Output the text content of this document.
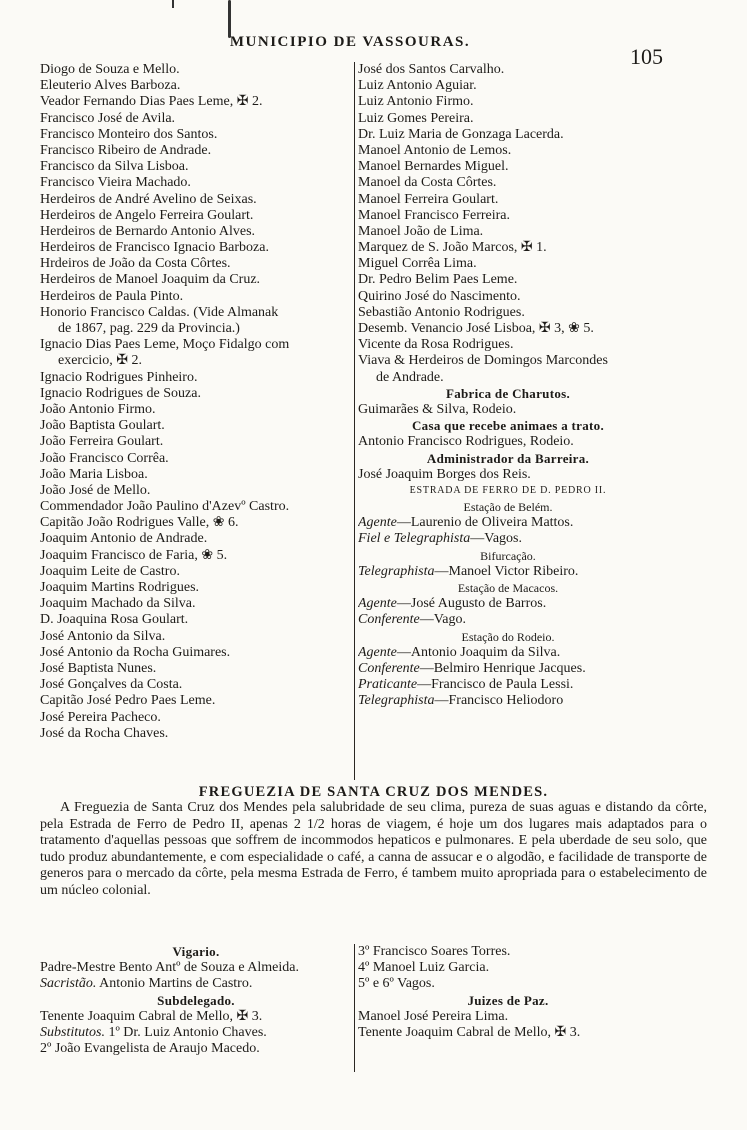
MUNICIPIO DE VASSOURAS.
105
Diogo de Souza e Mello.
Eleuterio Alves Barboza.
Veador Fernando Dias Paes Leme, ✠ 2.
Francisco José de Avila.
Francisco Monteiro dos Santos.
Francisco Ribeiro de Andrade.
Francisco da Silva Lisboa.
Francisco Vieira Machado.
Herdeiros de André Avelino de Seixas.
Herdeiros de Angelo Ferreira Goulart.
Herdeiros de Bernardo Antonio Alves.
Herdeiros de Francisco Ignacio Barboza.
Hrdeiros de João da Costa Côrtes.
Herdeiros de Manoel Joaquim da Cruz.
Herdeiros de Paula Pinto.
Honorio Francisco Caldas. (Vide Almanak
de 1867, pag. 229 da Provincia.)
Ignacio Dias Paes Leme, Moço Fidalgo com
exercicio, ✠ 2.
Ignacio Rodrigues Pinheiro.
Ignacio Rodrigues de Souza.
João Antonio Firmo.
João Baptista Goulart.
João Ferreira Goulart.
João Francisco Corrêa.
João Maria Lisboa.
João José de Mello.
Commendador João Paulino d'Azevº Castro.
Capitão João Rodrigues Valle, ❀ 6.
Joaquim Antonio de Andrade.
Joaquim Francisco de Faria, ❀ 5.
Joaquim Leite de Castro.
Joaquim Martins Rodrigues.
Joaquim Machado da Silva.
D. Joaquina Rosa Goulart.
José Antonio da Silva.
José Antonio da Rocha Guimares.
José Baptista Nunes.
José Gonçalves da Costa.
Capitão José Pedro Paes Leme.
José Pereira Pacheco.
José da Rocha Chaves.
José dos Santos Carvalho.
Luiz Antonio Aguiar.
Luiz Antonio Firmo.
Luiz Gomes Pereira.
Dr. Luiz Maria de Gonzaga Lacerda.
Manoel Antonio de Lemos.
Manoel Bernardes Miguel.
Manoel da Costa Côrtes.
Manoel Ferreira Goulart.
Manoel Francisco Ferreira.
Manoel João de Lima.
Marquez de S. João Marcos, ✠ 1.
Miguel Corrêa Lima.
Dr. Pedro Belim Paes Leme.
Quirino José do Nascimento.
Sebastião Antonio Rodrigues.
Desemb. Venancio José Lisboa, ✠ 3, ❀ 5.
Vicente da Rosa Rodrigues.
Viava & Herdeiros de Domingos Marcondes
de Andrade.
Fabrica de Charutos.
Guimarães & Silva, Rodeio.
Casa que recebe animaes a trato.
Antonio Francisco Rodrigues, Rodeio.
Administrador da Barreira.
José Joaquim Borges dos Reis.
ESTRADA DE FERRO DE D. PEDRO II.
Estação de Belém.
Agente—Laurenio de Oliveira Mattos.
Fiel e Telegraphista—Vagos.
Bifurcação.
Telegraphista—Manoel Victor Ribeiro.
Estação de Macacos.
Agente—José Augusto de Barros.
Conferente—Vago.
Estação do Rodeio.
Agente—Antonio Joaquim da Silva.
Conferente—Belmiro Henrique Jacques.
Praticante—Francisco de Paula Lessi.
Telegraphista—Francisco Heliodoro
FREGUEZIA DE SANTA CRUZ DOS MENDES.

A Freguezia de Santa Cruz dos Mendes pela salubridade de seu clima, pureza de suas aguas e distando da côrte, pela Estrada de Ferro de Pedro II, apenas 2 1/2 horas de viagem, é hoje um dos lugares mais adaptados para o tratamento d'aquellas pessoas que soffrem de incommodos hepaticos e pulmonares. E pela uberdade de seu solo, que tudo produz abundantemente, e com especialidade o café, a canna de assucar e o algodão, e facilidade de transporte de generos para o mercado da côrte, pela mesma Estrada de Ferro, é tambem muito apropriada para o estabelecimento de um núcleo colonial.

Vigario.
Padre-Mestre Bento Antº de Souza e Almeida.
Sacristão. Antonio Martins de Castro.
Subdelegado.
Tenente Joaquim Cabral de Mello, ✠ 3.
Substitutos. 1º Dr. Luiz Antonio Chaves.
2º João Evangelista de Araujo Macedo.
3º Francisco Soares Torres.
4º Manoel Luiz Garcia.
5º e 6º Vagos.
Juizes de Paz.
Manoel José Pereira Lima.
Tenente Joaquim Cabral de Mello, ✠ 3.
